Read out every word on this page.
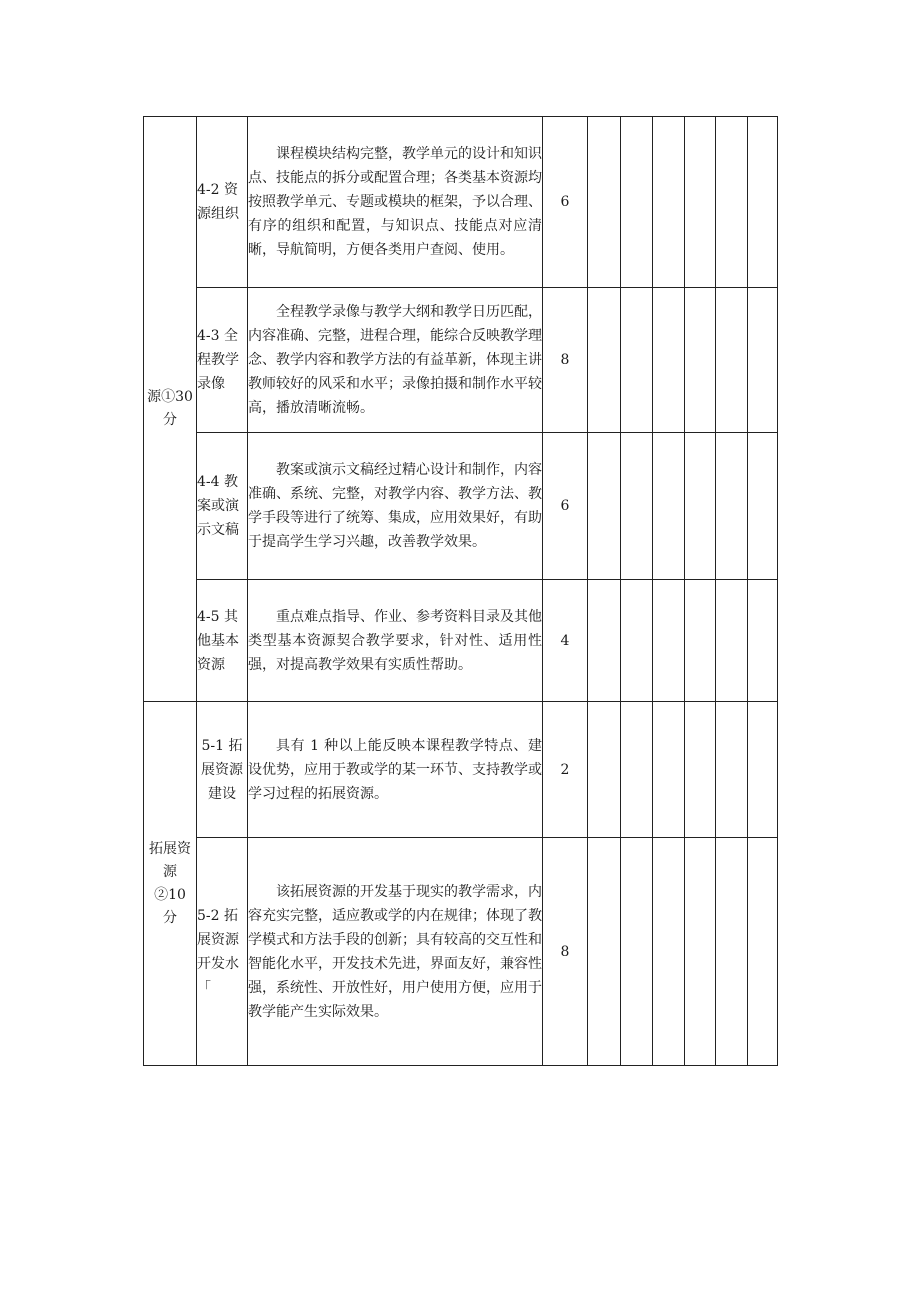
源①30分	4-2 资源组织	课程模块结构完整，教学单元的设计和知识点、技能点的拆分或配置合理；各类基本资源均按照教学单元、专题或模块的框架，予以合理、有序的组织和配置，与知识点、技能点对应清晰，导航简明，方便各类用户查阅、使用。	6						
	4-3 全程教学录像	全程教学录像与教学大纲和教学日历匹配，内容准确、完整，进程合理，能综合反映教学理念、教学内容和教学方法的有益革新，体现主讲教师较好的风采和水平；录像拍摄和制作水平较高，播放清晰流畅。	8						
	4-4 教案或演示文稿	教案或演示文稿经过精心设计和制作，内容准确、系统、完整，对教学内容、教学方法、教学手段等进行了统筹、集成，应用效果好，有助于提高学生学习兴趣，改善教学效果。	6						
	4-5 其他基本资源	重点难点指导、作业、参考资料目录及其他类型基本资源契合教学要求，针对性、适用性强，对提高教学效果有实质性帮助。	4						
拓展资源②10分	5-1 拓展资源建设	具有 1 种以上能反映本课程教学特点、建设优势，应用于教或学的某一环节、支持教学或学习过程的拓展资源。	2						
	5-2 拓展资源开发水「	该拓展资源的开发基于现实的教学需求，内容充实完整，适应教或学的内在规律；体现了教学模式和方法手段的创新；具有较高的交互性和智能化水平，开发技术先进，界面友好，兼容性强，系统性、开放性好，用户使用方便，应用于教学能产生实际效果。	8						
